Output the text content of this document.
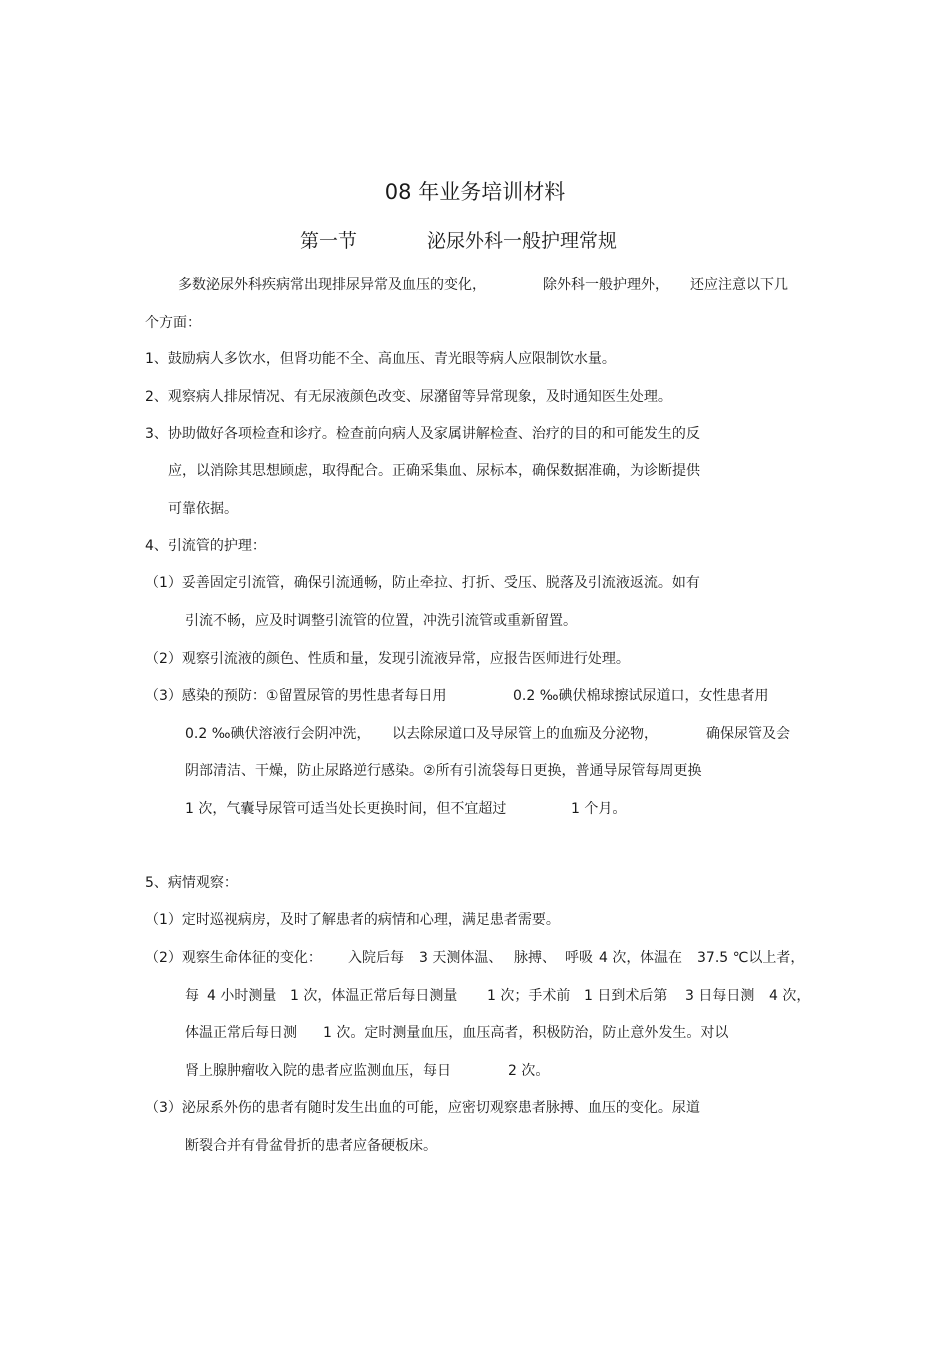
08 年业务培训材料
第一节	泌尿外科一般护理常规
多数泌尿外科疾病常出现排尿异常及血压的变化，	除外科一般护理外， 还应注意以下几
个方面：
1、鼓励病人多饮水，但肾功能不全、高血压、青光眼等病人应限制饮水量。
2、观察病人排尿情况、有无尿液颜色改变、尿潴留等异常现象，及时通知医生处理。
3、协助做好各项检查和诊疗。检查前向病人及家属讲解检查、治疗的目的和可能发生的反
应，以消除其思想顾虑，取得配合。正确采集血、尿标本，确保数据准确，为诊断提供
可靠依据。
4、引流管的护理：
（1）妥善固定引流管，确保引流通畅，防止牵拉、打折、受压、脱落及引流液返流。如有
引流不畅，应及时调整引流管的位置，冲洗引流管或重新留置。
（2）观察引流液的颜色、性质和量，发现引流液异常，应报告医师进行处理。
（3）感染的预防：①留置尿管的男性患者每日用	0.2 ‰碘伏棉球擦试尿道口，女性患者用
0.2 ‰碘伏溶液行会阴冲洗， 以去除尿道口及导尿管上的血痂及分泌物，	确保尿管及会
阴部清洁、干燥，防止尿路逆行感染。②所有引流袋每日更换，普通导尿管每周更换
1 次，气囊导尿管可适当处长更换时间，但不宜超过	1 个月。
5、病情观察：
（1）定时巡视病房，及时了解患者的病情和心理，满足患者需要。
（2）观察生命体征的变化： 入院后每 3 天测体温、 脉搏、 呼吸 4 次， 体温在 37.5 ℃以上者，
每 4 小时测量 1 次，体温正常后每日测量 1 次；手术前 1 日到术后第 3 日每日测 4 次，
体温正常后每日测 1 次。定时测量血压，血压高者，积极防治，防止意外发生。对以
肾上腺肿瘤收入院的患者应监测血压，每日	2 次。
（3）泌尿系外伤的患者有随时发生出血的可能，应密切观察患者脉搏、血压的变化。尿道
断裂合并有骨盆骨折的患者应备硬板床。
